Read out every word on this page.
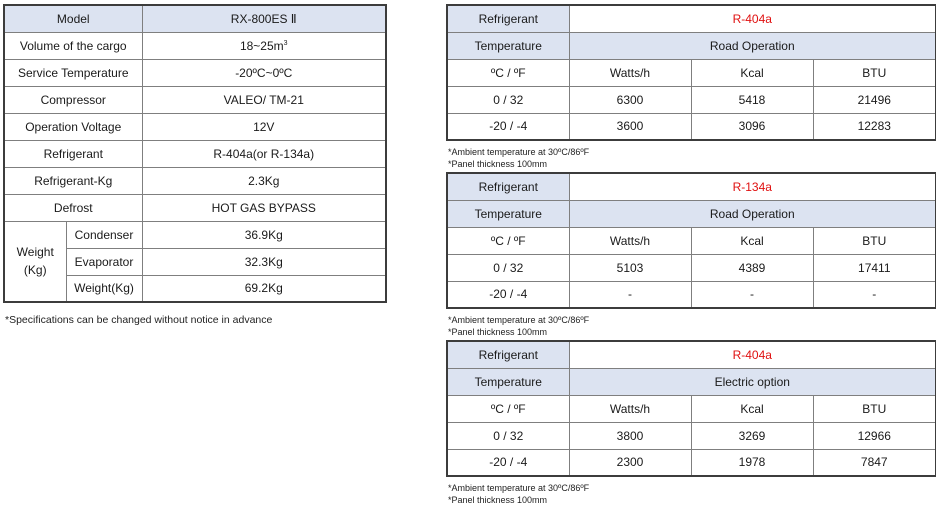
Model		RX-800ES Ⅱ
Volume of the cargo		$18\sim 25m^3$
Service Temperature		-20ºC~0ºC
Compressor		VALEO/ TM-21
Operation Voltage		12V
Refrigerant		R-404a(or R-134a)
Refrigerant-Kg		2.3Kg
Defrost		HOT GAS BYPASS
Weight
(Kg)	Condenser	36.9Kg
	Evaporator	32.3Kg
	Weight(Kg)	69.2Kg
*Specifications can be changed without notice in advance
Refrigerant	R-404a		
Temperature	Road Operation		
ºC / ºF	Watts/h	Kcal	BTU
0 / 32	6300	5418	21496
-20 / -4	3600	3096	12283
*Ambient temperature at 30ºC/86ºF
*Panel thickness 100mm
Refrigerant	R-134a		
Temperature	Road Operation		
ºC / ºF	Watts/h	Kcal	BTU
0 / 32	5103	4389	17411
-20 / -4	-	-	-
*Ambient temperature at 30ºC/86ºF
*Panel thickness 100mm
Refrigerant	R-404a		
Temperature	Electric option		
ºC / ºF	Watts/h	Kcal	BTU
0 / 32	3800	3269	12966
-20 / -4	2300	1978	7847
*Ambient temperature at 30ºC/86ºF
*Panel thickness 100mm
